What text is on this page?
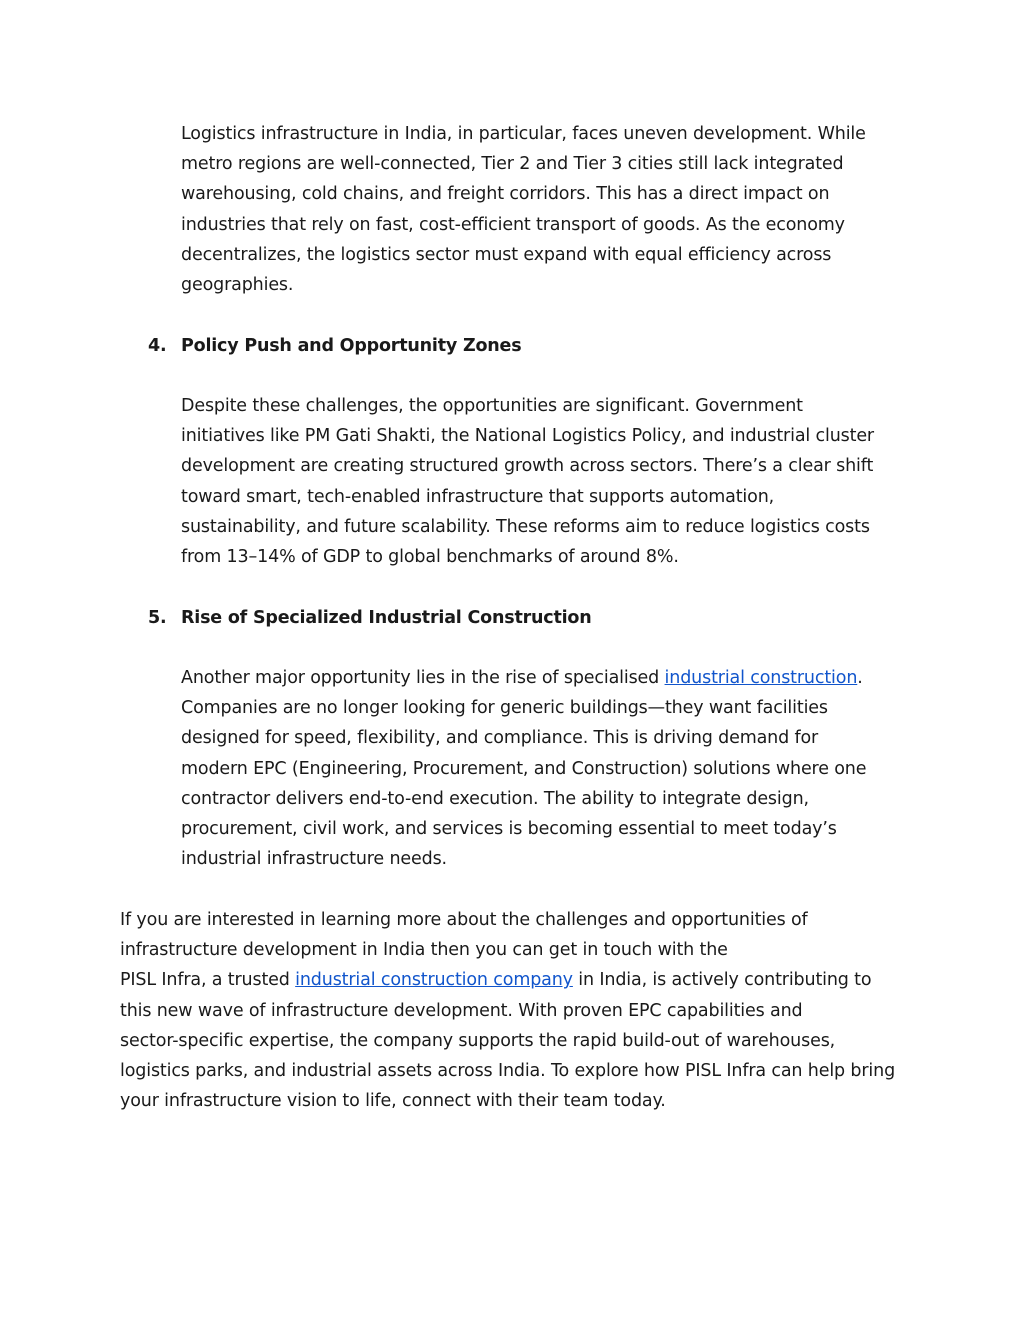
Logistics infrastructure in India, in particular, faces uneven development. While
metro regions are well-connected, Tier 2 and Tier 3 cities still lack integrated
warehousing, cold chains, and freight corridors. This has a direct impact on
industries that rely on fast, cost-efficient transport of goods. As the economy
decentralizes, the logistics sector must expand with equal efficiency across
geographies.

4. Policy Push and Opportunity Zones

Despite these challenges, the opportunities are significant. Government
initiatives like PM Gati Shakti, the National Logistics Policy, and industrial cluster
development are creating structured growth across sectors. There’s a clear shift
toward smart, tech-enabled infrastructure that supports automation,
sustainability, and future scalability. These reforms aim to reduce logistics costs
from 13–14% of GDP to global benchmarks of around 8%.

5. Rise of Specialized Industrial Construction

Another major opportunity lies in the rise of specialised industrial construction.
Companies are no longer looking for generic buildings—they want facilities
designed for speed, flexibility, and compliance. This is driving demand for
modern EPC (Engineering, Procurement, and Construction) solutions where one
contractor delivers end-to-end execution. The ability to integrate design,
procurement, civil work, and services is becoming essential to meet today’s
industrial infrastructure needs.

If you are interested in learning more about the challenges and opportunities of
infrastructure development in India then you can get in touch with the
PISL Infra, a trusted industrial construction company in India, is actively contributing to
this new wave of infrastructure development. With proven EPC capabilities and
sector-specific expertise, the company supports the rapid build-out of warehouses,
logistics parks, and industrial assets across India. To explore how PISL Infra can help bring
your infrastructure vision to life, connect with their team today.
